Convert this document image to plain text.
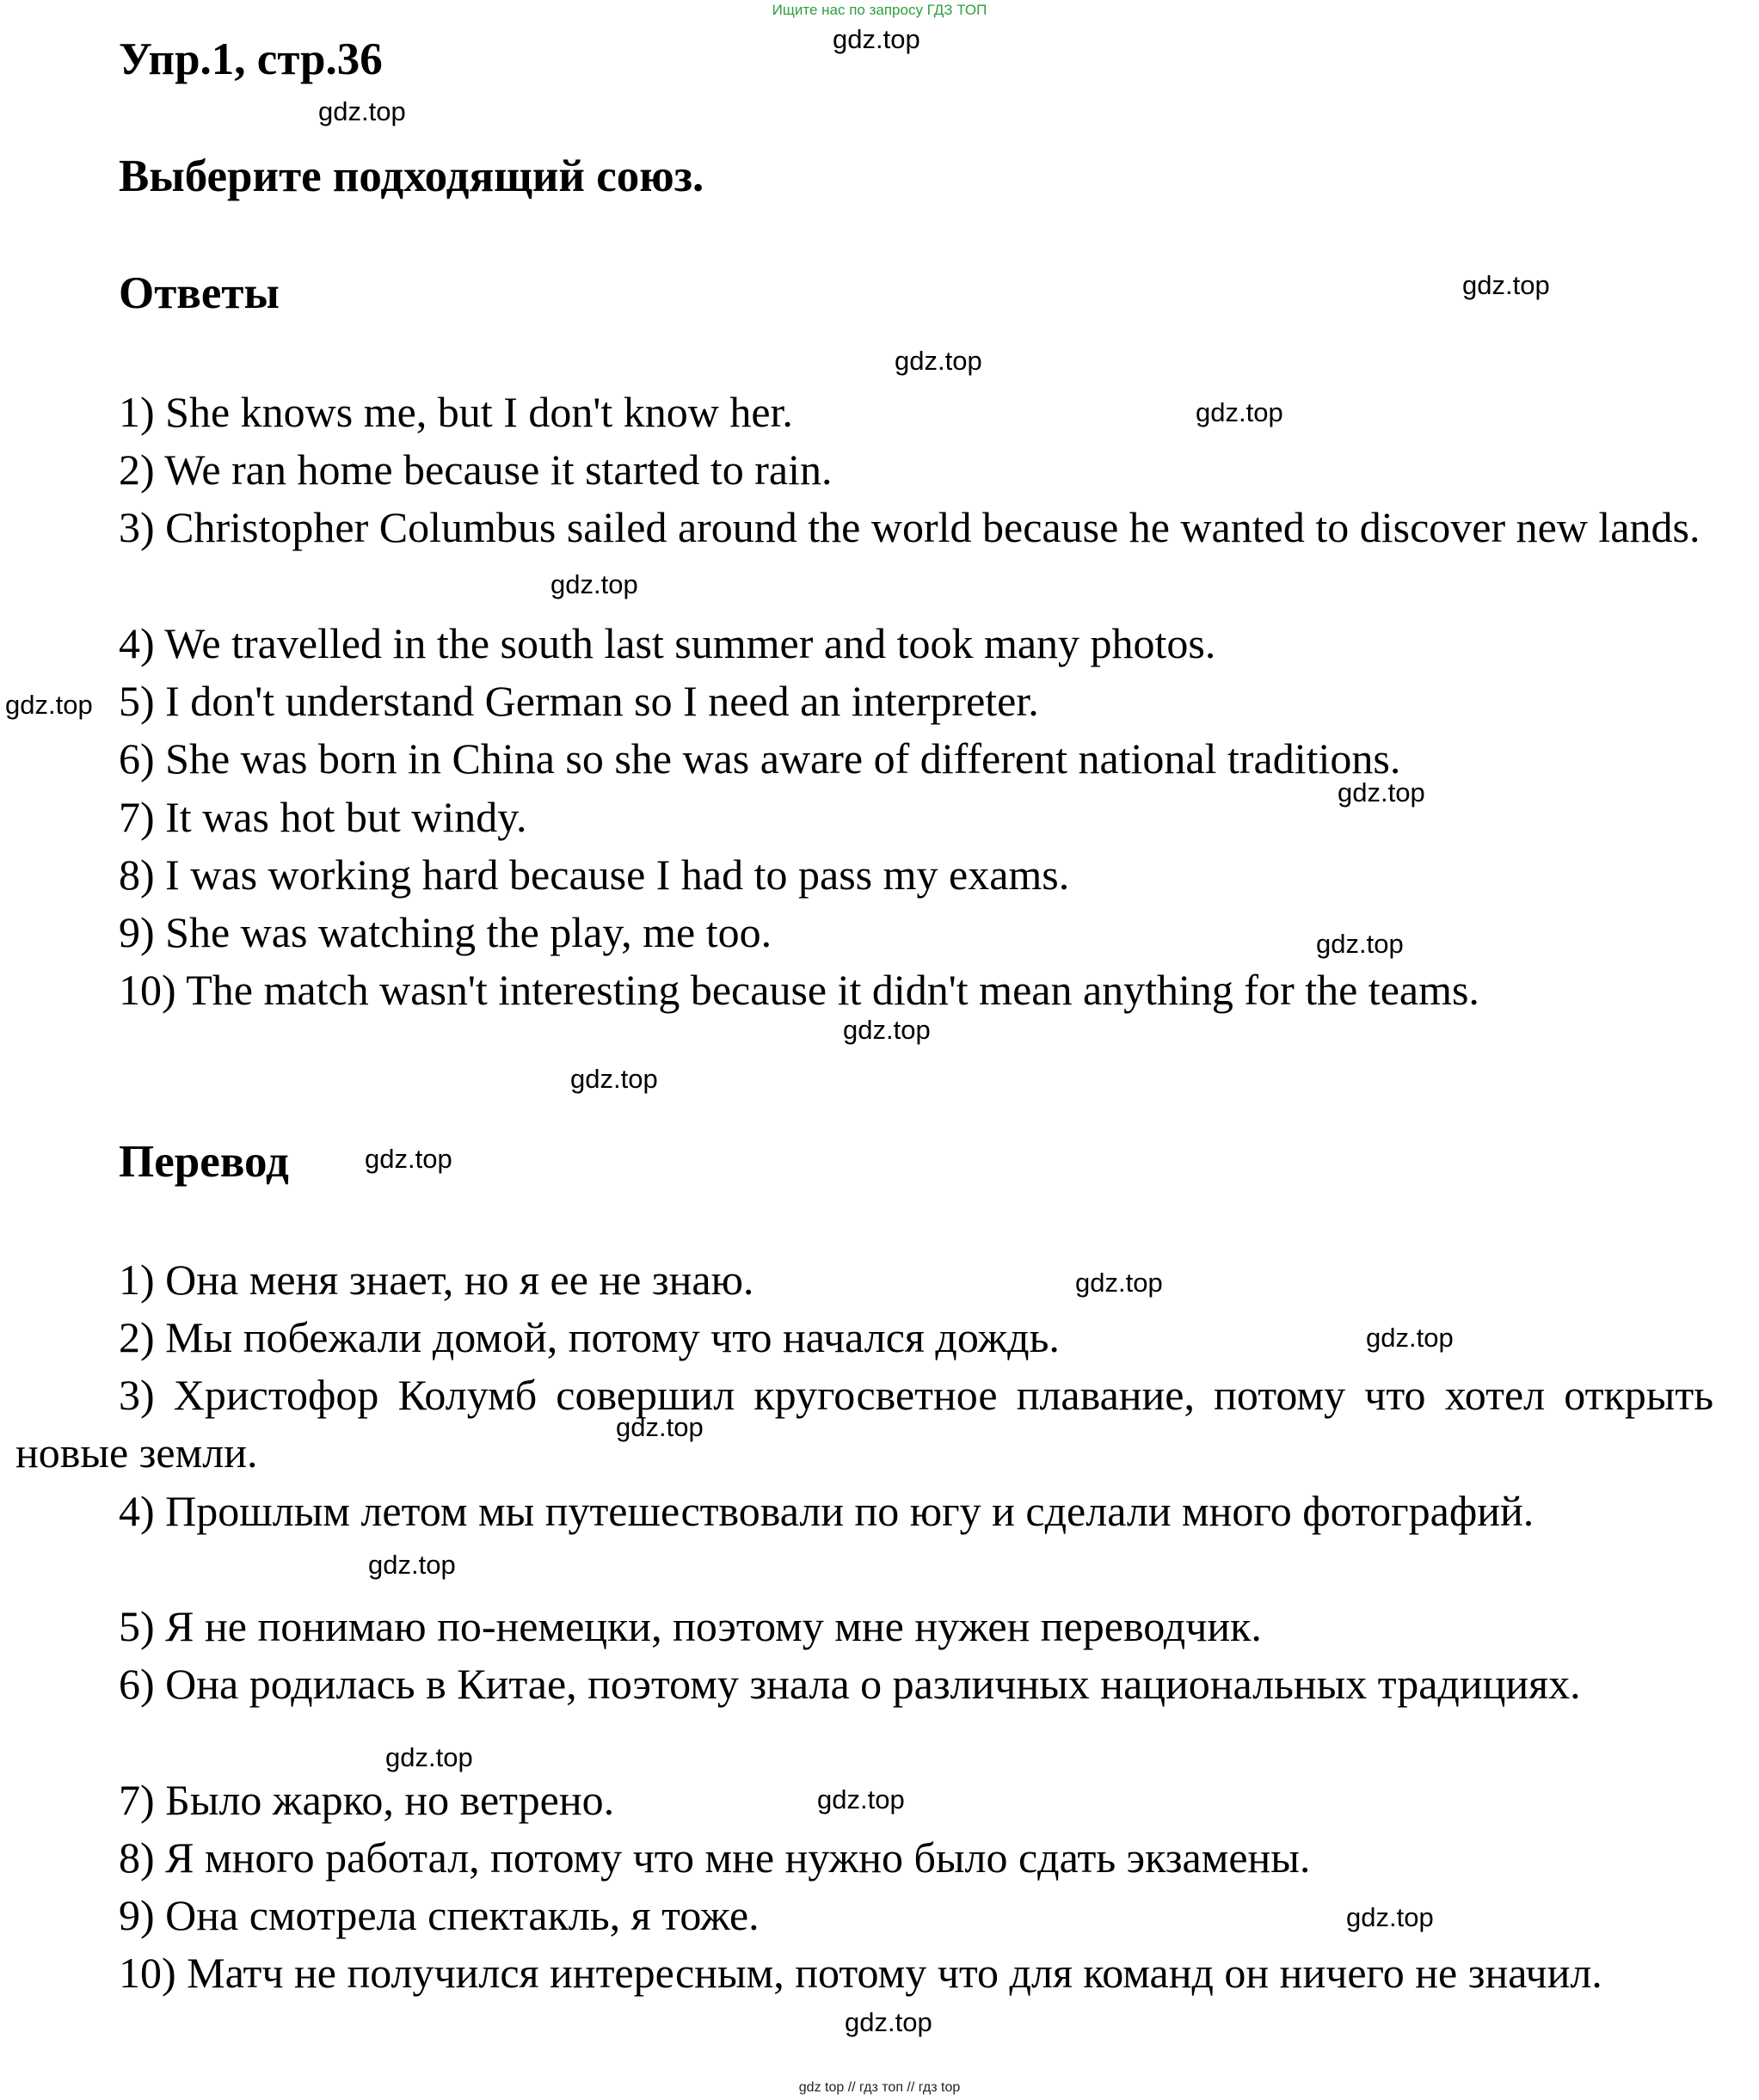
Ищите нас по запросу ГДЗ ТОП
Упр.1, стр.36
Выберите подходящий союз.
Ответы

1) She knows me, but I don't know her.

2) We ran home because it started to rain.

3) Christopher Columbus sailed around the world because he wanted to discover new lands.

4) We travelled in the south last summer and took many photos.

5) I don't understand German so I need an interpreter.

6) She was born in China so she was aware of different national traditions.

7) It was hot but windy.

8) I was working hard because I had to pass my exams.

9) She was watching the play, me too.

10) The match wasn't interesting because it didn't mean anything for the teams.

Перевод

1) Она меня знает, но я ее не знаю.

2) Мы побежали домой, потому что начался дождь.

3) Христофор Колумб совершил кругосветное плавание, потому что хотел открыть новые земли.

4) Прошлым летом мы путешествовали по югу и сделали много фотографий.

5) Я не понимаю по-немецки, поэтому мне нужен переводчик.

6) Она родилась в Китае, поэтому знала о различных национальных традициях.

7) Было жарко, но ветрено.

8) Я много работал, потому что мне нужно было сдать экзамены.

9) Она смотрела спектакль, я тоже.

10) Матч не получился интересным, потому что для команд он ничего не значил.

gdz.top
gdz.top
gdz.top
gdz.top
gdz.top
gdz.top
gdz.top
gdz.top
gdz.top
gdz.top
gdz.top
gdz.top
gdz.top
gdz.top
gdz.top
gdz.top
gdz.top
gdz.top
gdz.top
gdz.top
gdz top // гдз топ // гдз top
